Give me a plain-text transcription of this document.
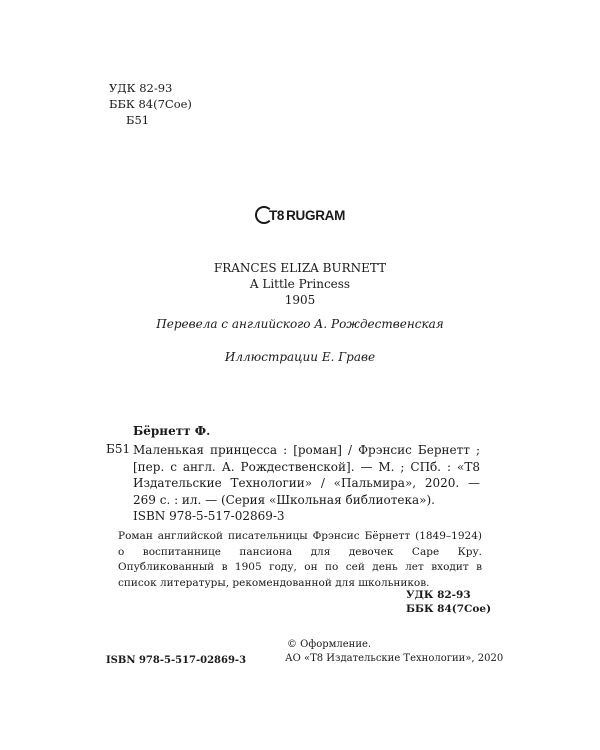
УДК 82-93
ББК 84(7Сое)
Б51
T8 RUGRAM
FRANCES ELIZA BURNETT
A Little Princess
1905
Перевела с английского А. Рождественская
Иллюстрации Е. Граве
Бёрнетт Ф.
Б51 Маленькая принцесса : [роман] / Фрэнсис Бернетт ; [пер. с англ. А. Рождественской]. — М. ; СПб. : «Т8 Издательские Технологии» / «Пальмира», 2020. — 269 с. : ил. — (Серия «Школьная библиотека»).
ISBN 978-5-517-02869-3
Роман английской писательницы Фрэнсис Бёрнетт (1849–1924) о воспитаннице пансиона для девочек Саре Кру. Опубликованный в 1905 году, он по сей день лет входит в список литературы, рекомендованной для школьников.
УДК 82-93
ББК 84(7Сое)
ISBN 978-5-517-02869-3
© Оформление.
АО «Т8 Издательские Технологии», 2020
